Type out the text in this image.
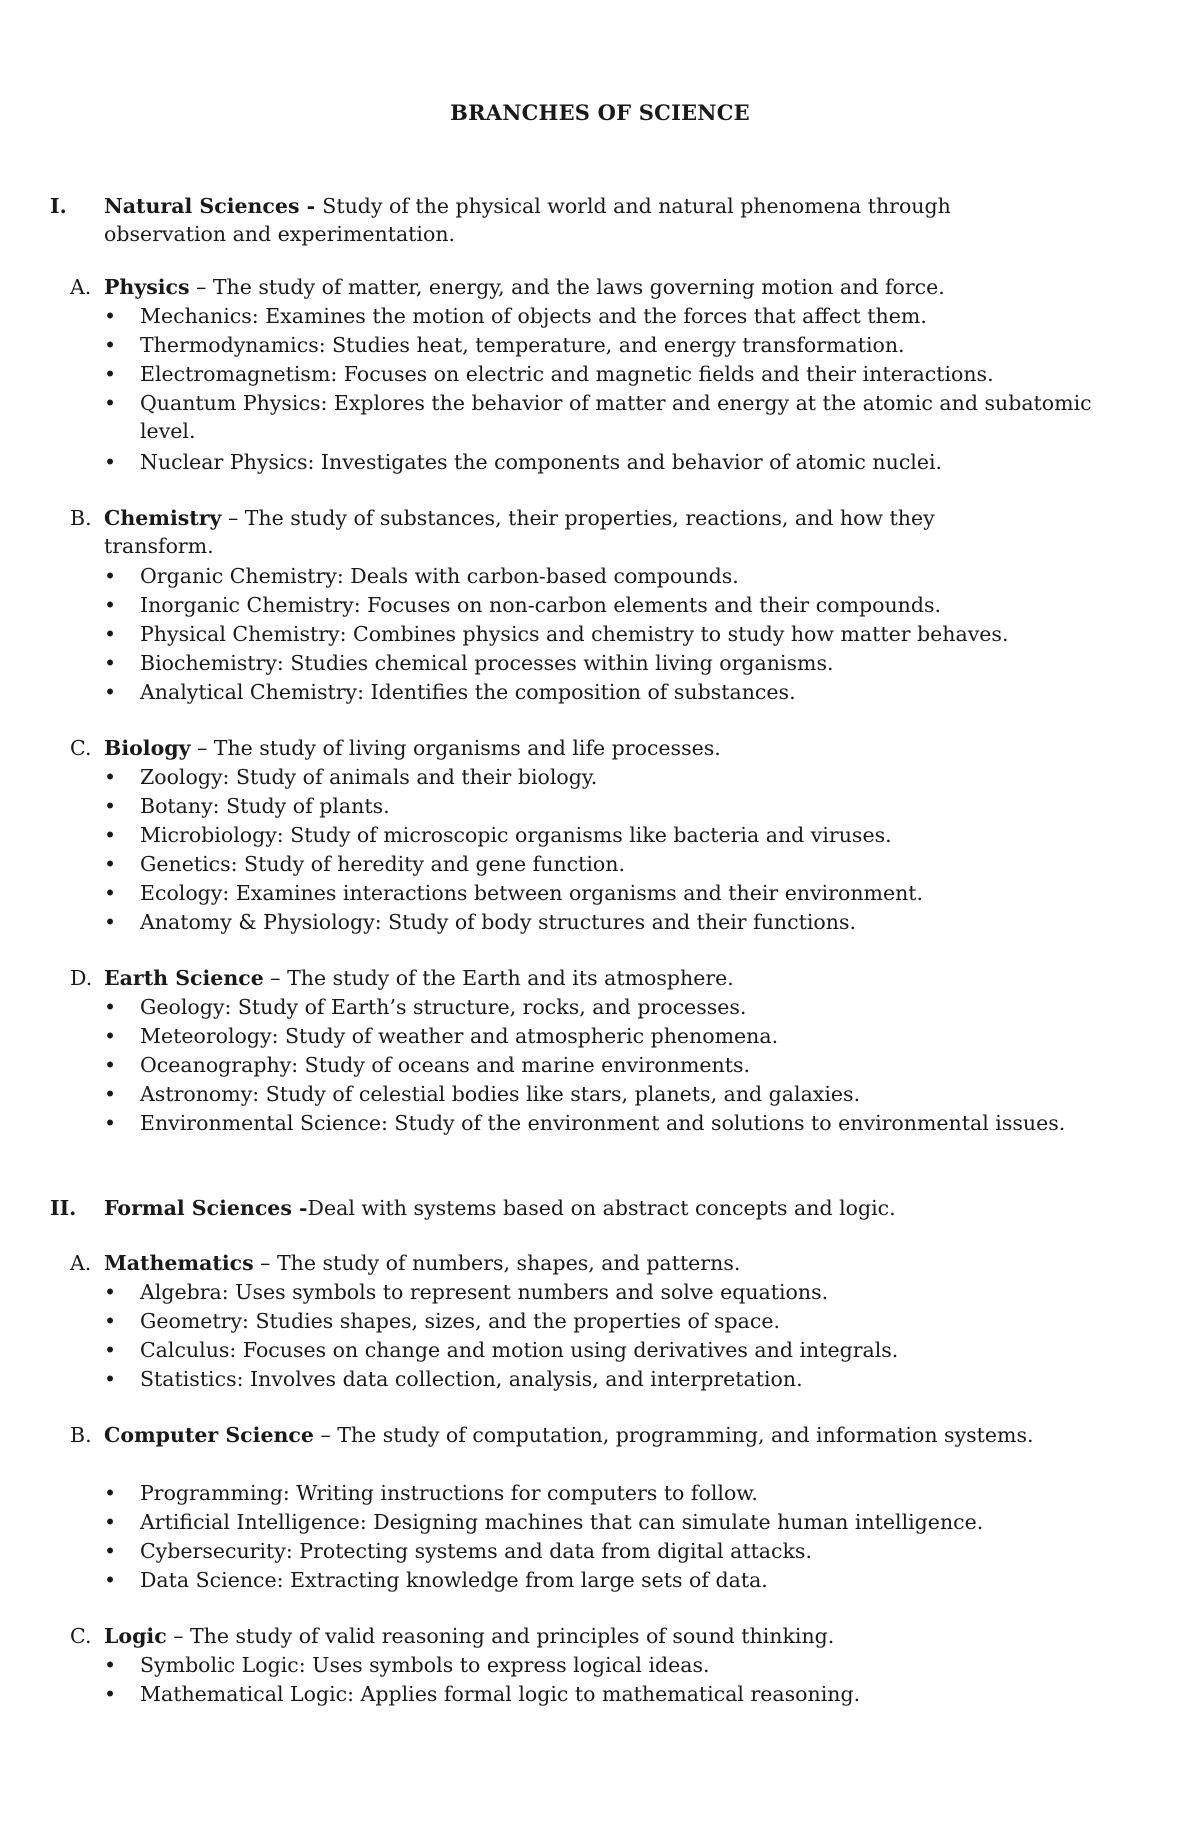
BRANCHES OF SCIENCE
I. Natural Sciences - Study of the physical world and natural phenomena through observation and experimentation.
A. Physics – The study of matter, energy, and the laws governing motion and force.
• Mechanics: Examines the motion of objects and the forces that affect them.
• Thermodynamics: Studies heat, temperature, and energy transformation.
• Electromagnetism: Focuses on electric and magnetic fields and their interactions.
• Quantum Physics: Explores the behavior of matter and energy at the atomic and subatomic level.
• Nuclear Physics: Investigates the components and behavior of atomic nuclei.
B. Chemistry – The study of substances, their properties, reactions, and how they transform.
• Organic Chemistry: Deals with carbon-based compounds.
• Inorganic Chemistry: Focuses on non-carbon elements and their compounds.
• Physical Chemistry: Combines physics and chemistry to study how matter behaves.
• Biochemistry: Studies chemical processes within living organisms.
• Analytical Chemistry: Identifies the composition of substances.
C. Biology – The study of living organisms and life processes.
• Zoology: Study of animals and their biology.
• Botany: Study of plants.
• Microbiology: Study of microscopic organisms like bacteria and viruses.
• Genetics: Study of heredity and gene function.
• Ecology: Examines interactions between organisms and their environment.
• Anatomy & Physiology: Study of body structures and their functions.
D. Earth Science – The study of the Earth and its atmosphere.
• Geology: Study of Earth’s structure, rocks, and processes.
• Meteorology: Study of weather and atmospheric phenomena.
• Oceanography: Study of oceans and marine environments.
• Astronomy: Study of celestial bodies like stars, planets, and galaxies.
• Environmental Science: Study of the environment and solutions to environmental issues.
II. Formal Sciences -Deal with systems based on abstract concepts and logic.
A. Mathematics – The study of numbers, shapes, and patterns.
• Algebra: Uses symbols to represent numbers and solve equations.
• Geometry: Studies shapes, sizes, and the properties of space.
• Calculus: Focuses on change and motion using derivatives and integrals.
• Statistics: Involves data collection, analysis, and interpretation.
B. Computer Science – The study of computation, programming, and information systems.
• Programming: Writing instructions for computers to follow.
• Artificial Intelligence: Designing machines that can simulate human intelligence.
• Cybersecurity: Protecting systems and data from digital attacks.
• Data Science: Extracting knowledge from large sets of data.
C. Logic – The study of valid reasoning and principles of sound thinking.
• Symbolic Logic: Uses symbols to express logical ideas.
• Mathematical Logic: Applies formal logic to mathematical reasoning.
